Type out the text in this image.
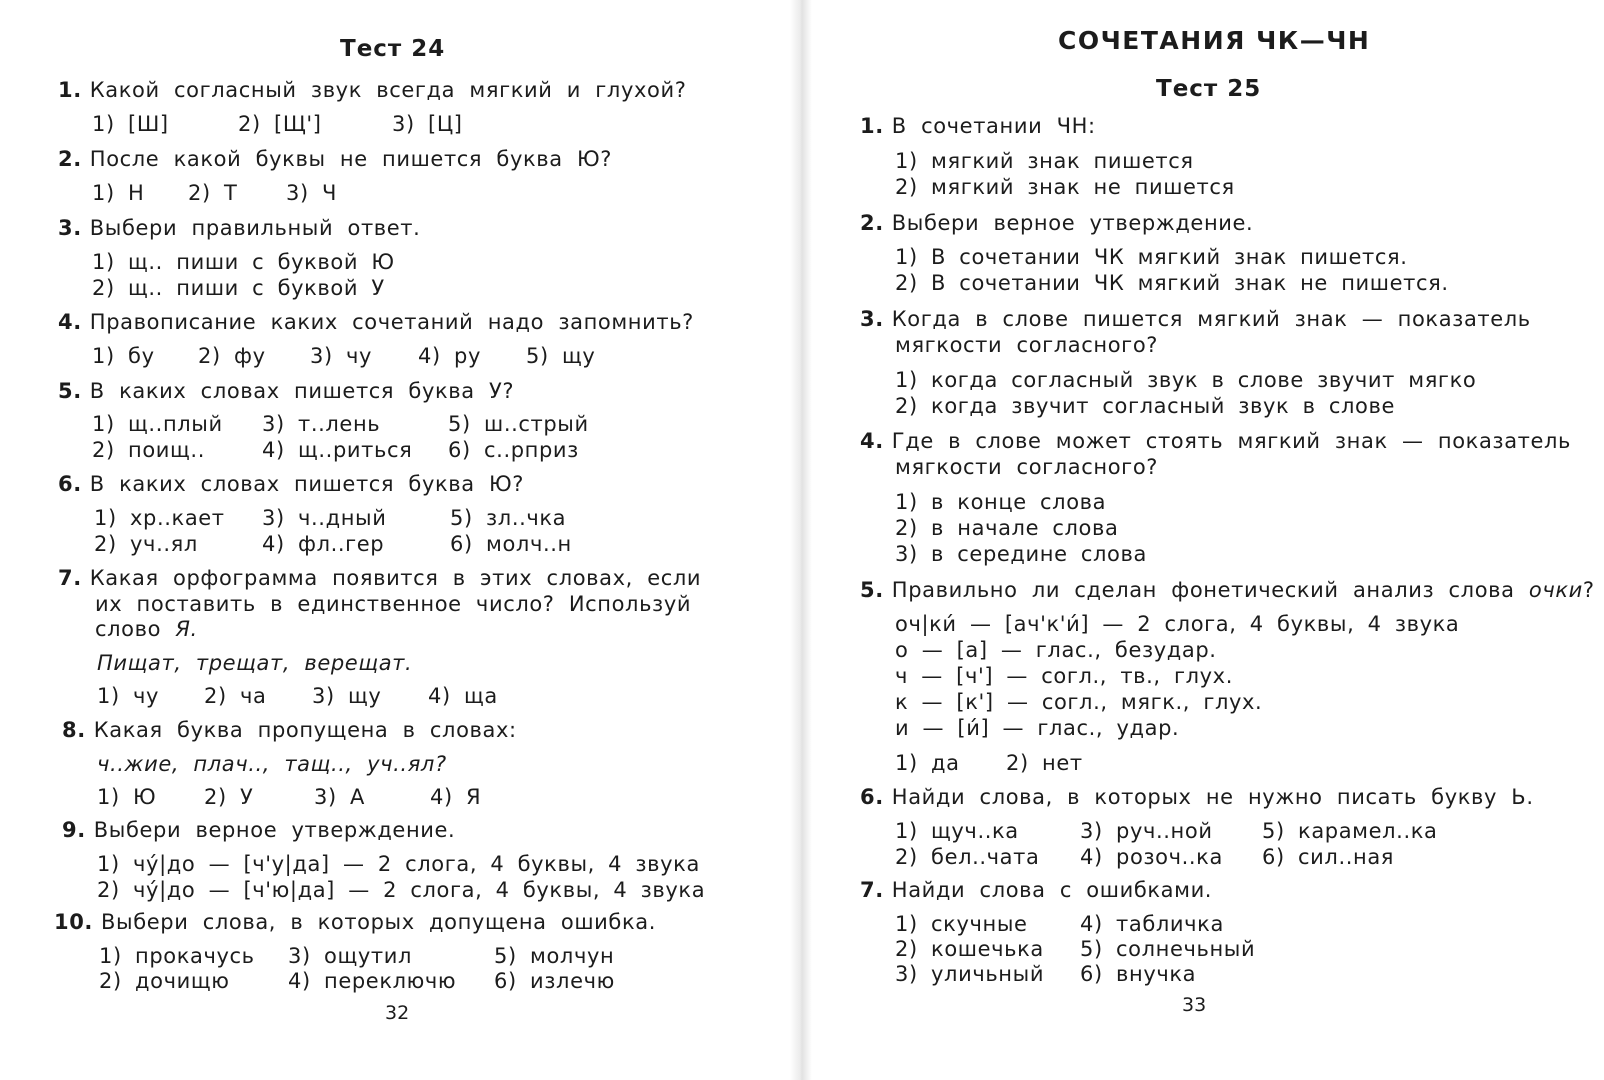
Тест 24
1. Какой согласный звук всегда мягкий и глухой?
1) [Ш]	2) [Щ']	3) [Ц]
2. После какой буквы не пишется буква Ю?
1) Н 2) Т 3) Ч
3. Выбери правильный ответ.
1) щ.. пиши с буквой Ю
2) щ.. пиши с буквой У
4. Правописание каких сочетаний надо запомнить?
1) бу 2) фу 3) чу 4) ру 5) щу
5. В каких словах пишется буква У?
1) щ..плый 3) т..лень	5) ш..стрый
2) поищ..	4) щ..риться 6) с..рприз
6. В каких словах пишется буква Ю?
1) хр..кает 3) ч..дный	5) зл..чка
2) уч..ял	4) фл..гер	6) молч..н
7. Какая орфограмма появится в этих словах, если
их поставить в единственное число? Используй
слово Я.
Пищат, трещат, верещат.
1) чу 2) ча 3) щу 4) ща
8. Какая буква пропущена в словах:
ч..жие, плач.., тащ.., уч..ял?
1) Ю 2) У	3) А	4) Я
9. Выбери верное утверждение.
1) чу́|до — [ч'у|да] — 2 слога, 4 буквы, 4 звука
2) чу́|до — [ч'ю|да] — 2 слога, 4 буквы, 4 звука
10. Выбери слова, в которых допущена ошибка.
1) прокачусь 3) ощутил	5) молчун
2) дочищю	4) переключю 6) излечю
32
СОЧЕТАНИЯ ЧК—ЧН
Тест 25
1. В сочетании ЧН:
1) мягкий знак пишется
2) мягкий знак не пишется
2. Выбери верное утверждение.
1) В сочетании ЧК мягкий знак пишется.
2) В сочетании ЧК мягкий знак не пишется.
3. Когда в слове пишется мягкий знак — показатель
мягкости согласного?
1) когда согласный звук в слове звучит мягко
2) когда звучит согласный звук в слове
4. Где в слове может стоять мягкий знак — показатель
мягкости согласного?
1) в конце слова
2) в начале слова
3) в середине слова
5. Правильно ли сделан фонетический анализ слова очки?
оч|ки́ — [ач'к'и́] — 2 слога, 4 буквы, 4 звука
о — [а] — глас., безудар.
ч — [ч'] — согл., тв., глух.
к — [к'] — согл., мягк., глух.
и — [и́] — глас., удар.
1) да 2) нет
6. Найди слова, в которых не нужно писать букву Ь.
1) щуч..ка	3) руч..ной 5) карамел..ка
2) бел..чата 4) розоч..ка 6) сил..ная
7. Найди слова с ошибками.
1) скучные 4) табличка
2) кошечька 5) солнечьный
3) уличьный 6) внучка
33
